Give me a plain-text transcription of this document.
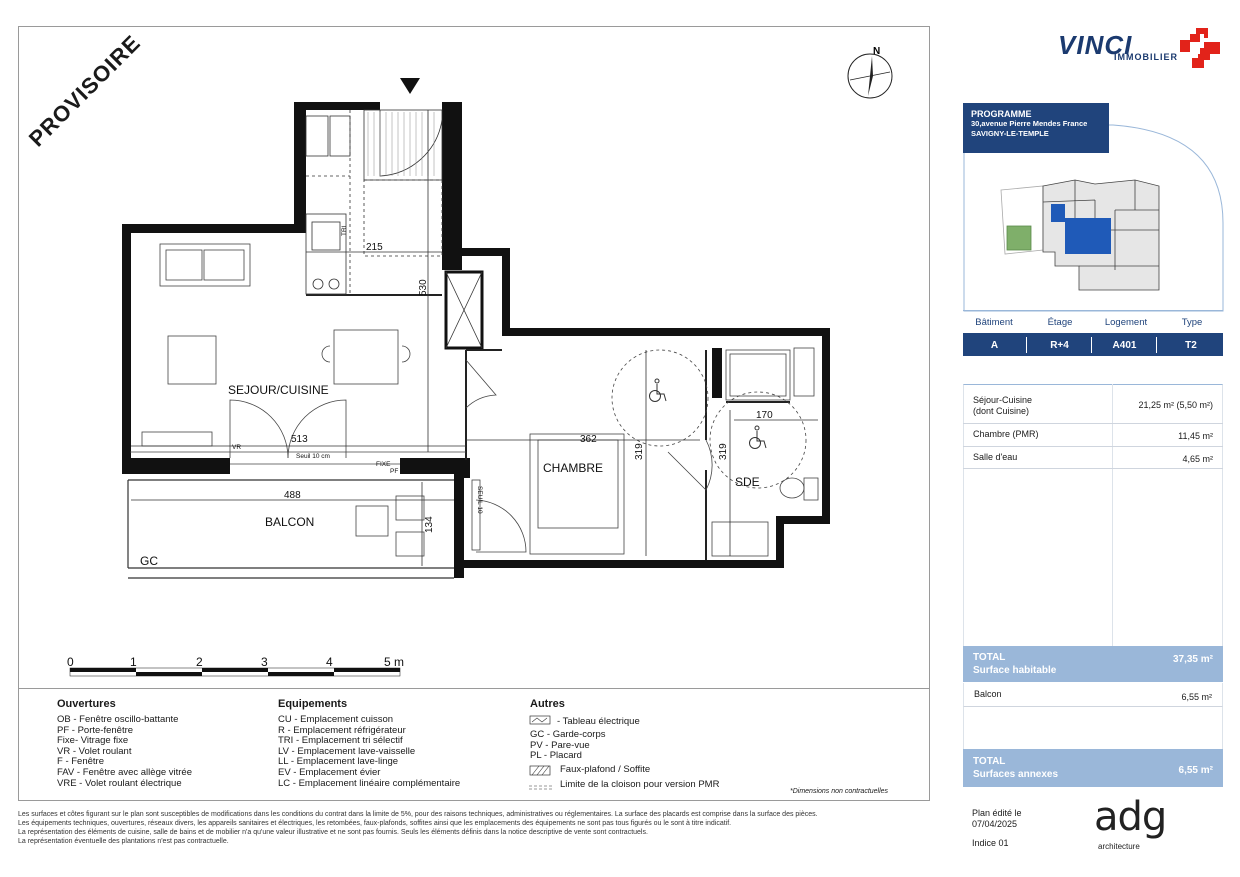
PROVISOIRE	N
SEJOUR/CUISINE
CHAMBRE
SDE
BALCON
GC
215
530
513	362
319
170
319
488
134
TRI
VR
FIXE
PF
Seuil 10 cm
SEUIL 10
PAILLASSE
0	1	2	3	4	5 m
Ouvertures
OB - Fenêtre oscillo-battante
PF - Porte-fenêtre
Fixe- Vitrage fixe
VR - Volet roulant
F - Fenêtre
FAV - Fenêtre avec allège vitrée
VRE - Volet roulant électrique
Equipements
CU - Emplacement cuisson
R - Emplacement réfrigérateur
TRI - Emplacement tri sélectif
LV - Emplacement lave-vaisselle
LL - Emplacement lave-linge
EV - Emplacement évier
LC - Emplacement linéaire complémentaire
Autres
- Tableau électrique
GC - Garde-corps
PV - Pare-vue
PL - Placard
Faux-plafond / Soffite
Limite de la cloison pour version PMR
*Dimensions non contractuelles
Les surfaces et côtes figurant sur le plan sont susceptibles de modifications dans les conditions du contrat dans la limite de 5%, pour des raisons techniques, administratives ou réglementaires. La surface des placards est comprise dans la surface des pièces.
Les équipements techniques, ouvertures, réseaux divers, les appareils sanitaires et électriques, les retombées, faux-plafonds, soffites ainsi que les emplacements des équipements ne sont pas tous figurés ou le sont à titre indicatif.
La représentation des éléments de cuisine, salle de bains et de mobilier n'a qu'une valeur illustrative et ne sont pas fournis. Seuls les éléments définis dans la notice descriptive de vente sont contractuels.
La représentation éventuelle des plantations n'est pas contractuelle.
VINCI
IMMOBILIER
PROGRAMME
30,avenue Pierre Mendes France
SAVIGNY-LE-TEMPLE
Bâtiment	Étage	Logement	Type
A	R+4	A401	T2
Séjour-Cuisine
(dont Cuisine)
21,25 m² (5,50 m²)
Chambre (PMR)	11,45 m²
Salle d'eau	4,65 m²
TOTAL
Surface habitable
37,35 m²
Balcon	6,55 m²
TOTAL
Surfaces annexes	6,55 m²
Plan édité le
07/04/2025
Indice 01
adg
architecture
